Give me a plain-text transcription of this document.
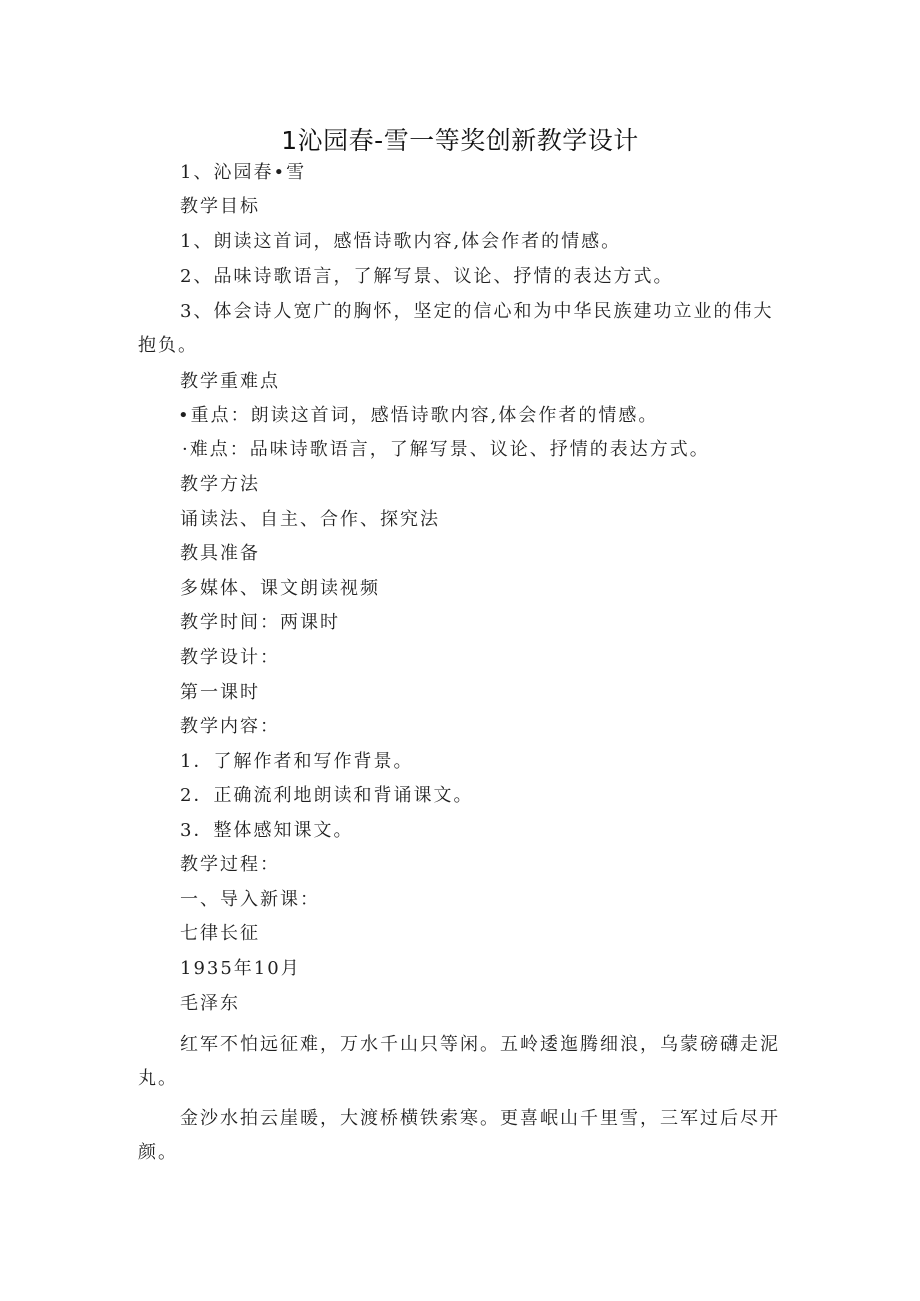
1沁园春-雪一等奖创新教学设计
1、沁园春•雪
教学目标
1、朗读这首词，感悟诗歌内容,体会作者的情感。
2、品味诗歌语言，了解写景、议论、抒情的表达方式。
3、体会诗人宽广的胸怀，坚定的信心和为中华民族建功立业的伟大抱负。
教学重难点
•重点：朗读这首词，感悟诗歌内容,体会作者的情感。
·难点：品味诗歌语言，了解写景、议论、抒情的表达方式。
教学方法
诵读法、自主、合作、探究法
教具准备
多媒体、课文朗读视频
教学时间：两课时
教学设计：
第一课时
教学内容：
1．了解作者和写作背景。
2．正确流利地朗读和背诵课文。
3．整体感知课文。
教学过程：
一、导入新课：
七律长征
1935年10月
毛泽东
红军不怕远征难，万水千山只等闲。五岭逶迤腾细浪，乌蒙磅礴走泥丸。
金沙水拍云崖暖，大渡桥横铁索寒。更喜岷山千里雪，三军过后尽开颜。
